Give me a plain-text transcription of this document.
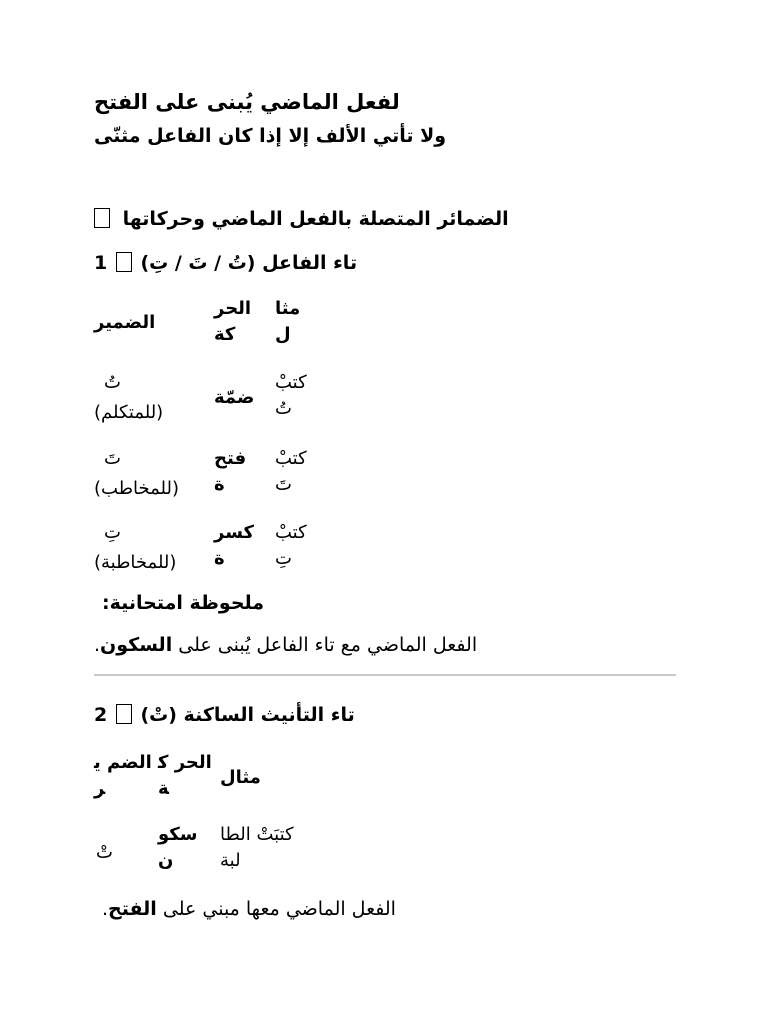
لفعل الماضي يُبنى على الفتح
ولا تأتي الألف إلا إذا كان الفاعل مثنّى
الضمائر المتصلة بالفعل الماضي وحركاتها
تاء الفاعل (تُ / تَ / تِ)  1
الضمير
الحر كة
مثا ل
تُ
(للمتكلم)
ضمّة
كتبْ تُ
تَ
(للمخاطب)
فتح ة
كتبْ تَ
تِ
(للمخاطبة)
كسر ة
كتبْ تِ
ملحوظة امتحانية:
الفعل الماضي مع تاء الفاعل يُبنى على السكون.
تاء التأنيث الساكنة (تْ)  2
الضم ير
الحر كة
مثال
تْ
سكو ن
كتبَتْ الطالبة
الفعل الماضي معها مبني على الفتح.
